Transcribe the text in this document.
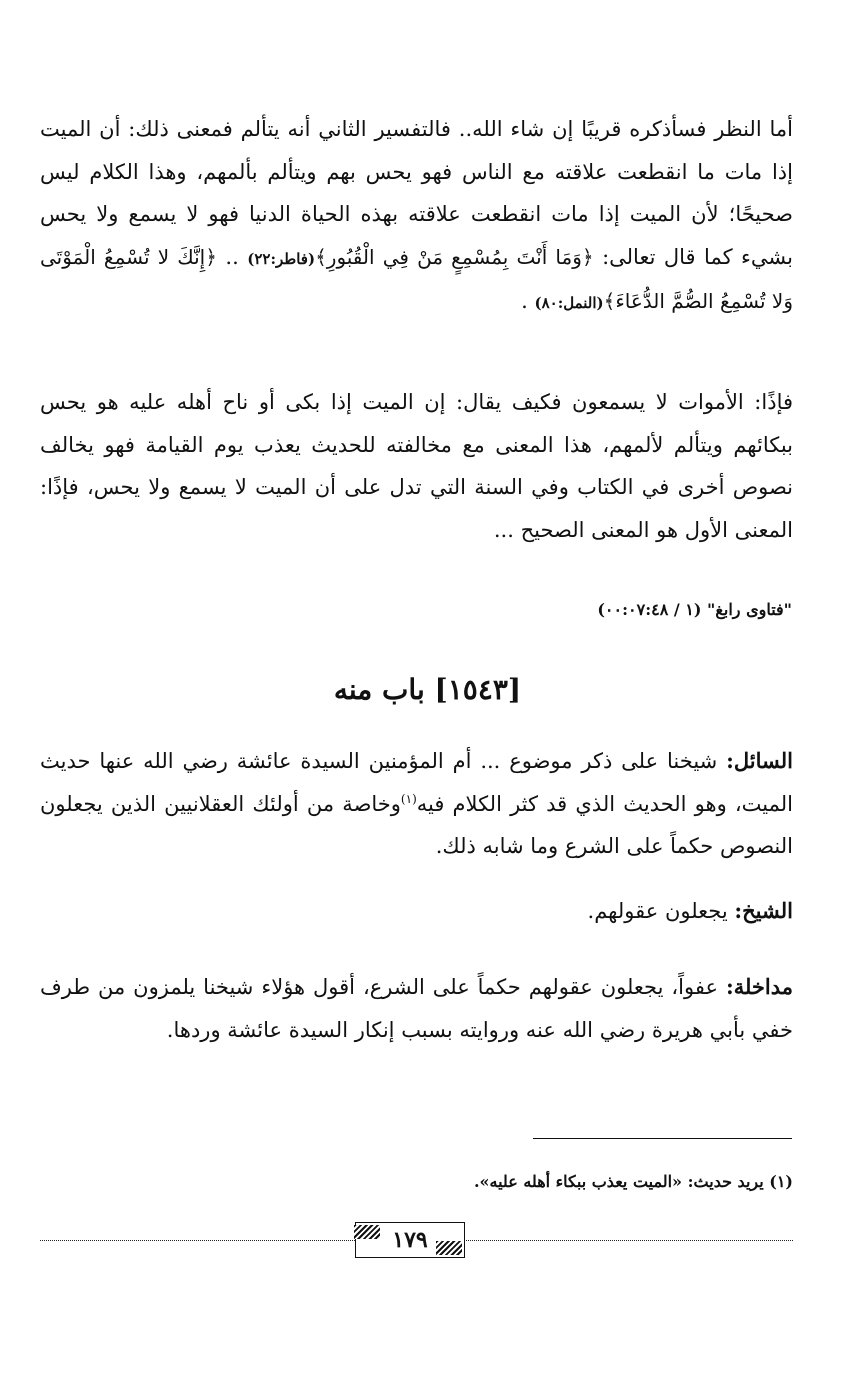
أما النظر فسأذكره قريبًا إن شاء الله.. فالتفسير الثاني أنه يتألم فمعنى ذلك: أن الميت إذا مات ما انقطعت علاقته مع الناس فهو يحس بهم ويتألم بألمهم، وهذا الكلام ليس صحيحًا؛ لأن الميت إذا مات انقطعت علاقته بهذه الحياة الدنيا فهو لا يسمع ولا يحس بشيء كما قال تعالى: ﴿وَمَا أَنْتَ بِمُسْمِعٍ مَنْ فِي الْقُبُورِ﴾(فاطر:٢٢) .. ﴿إِنَّكَ لا تُسْمِعُ الْمَوْتَى وَلا تُسْمِعُ الصُّمَّ الدُّعَاءَ﴾(النمل:٨٠) .

فإذًا: الأموات لا يسمعون فكيف يقال: إن الميت إذا بكى أو ناح أهله عليه هو يحس ببكائهم ويتألم لألمهم، هذا المعنى مع مخالفته للحديث يعذب يوم القيامة فهو يخالف نصوص أخرى في الكتاب وفي السنة التي تدل على أن الميت لا يسمع ولا يحس، فإذًا: المعنى الأول هو المعنى الصحيح ...

"فتاوى رابغ" (١ / ٠٠:٠٧:٤٨)
[١٥٤٣] باب منه

السائل: شيخنا على ذكر موضوع ... أم المؤمنين السيدة عائشة رضي الله عنها حديث الميت، وهو الحديث الذي قد كثر الكلام فيه$^{(١)}$وخاصة من أولئك العقلانيين الذين يجعلون النصوص حكماً على الشرع وما شابه ذلك.

الشيخ: يجعلون عقولهم.

مداخلة: عفواً، يجعلون عقولهم حكماً على الشرع، أقول هؤلاء شيخنا يلمزون من طرف خفي بأبي هريرة رضي الله عنه وروايته بسبب إنكار السيدة عائشة وردها.

(١) يريد حديث: «الميت يعذب ببكاء أهله عليه».
١٧٩
